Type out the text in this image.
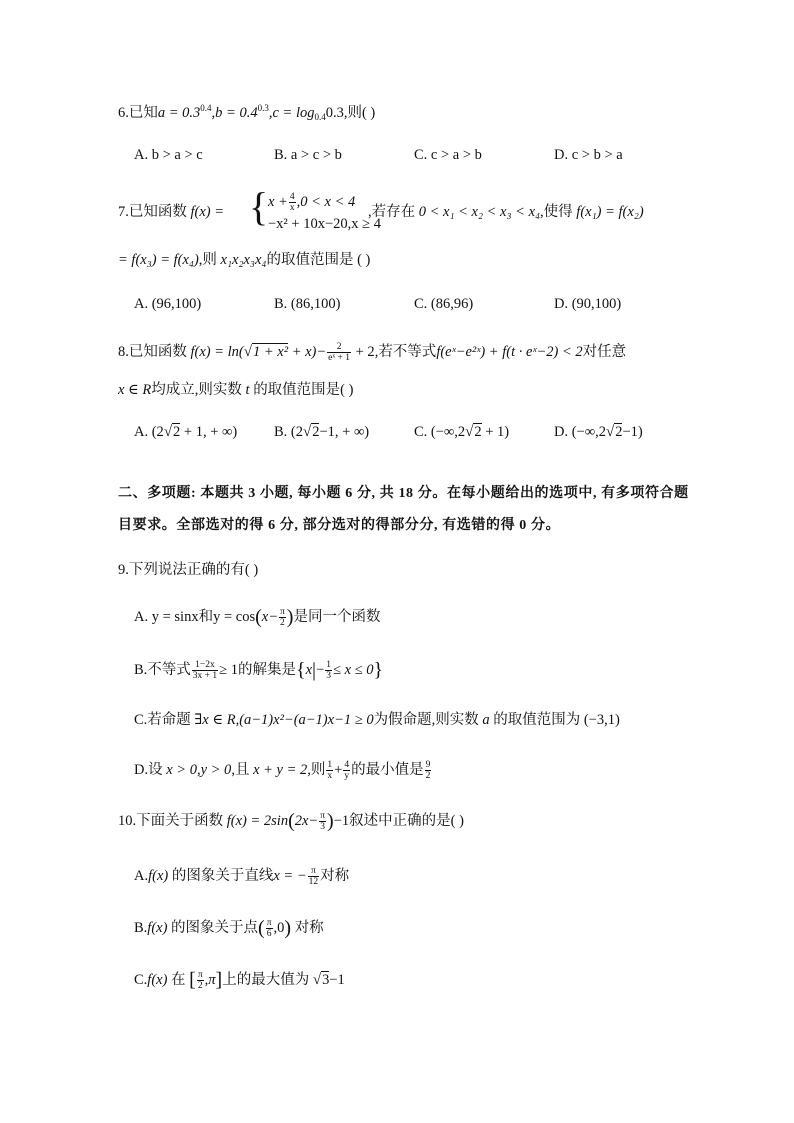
6.已知$a = 0.3^{0.4},b = 0.4^{0.3},c = \log_{0.4}0.3$,则( )
A. b > a > c	B. a > c > b	C. c > a > b	D. c > b > a
7.已知函数 f(x) = { $x + \frac{4}{x} ,0 < x < 4$
−x² + 10x−20,x ≥ 4
,若存在 0 < x₁ < x₂ < x₃ < x₄,使得 f(x₁) = f(x₂)
= f(x₃) = f(x₄),则 x₁x₂x₃x₄的取值范围是 ( )
A. (96,100)	B. (86,100)	C. (86,96)	D. (90,100)
8.已知函数 $f(x) = \ln(√1 + x^2 + x)- \frac{2}{\text{eˣ + 1}} + 2$,若不等式f(eˣ−e²ˣ) + f(t · eˣ−2) < 2对任意
x ∈ R均成立,则实数 t 的取值范围是( )
A. (2√2 + 1, + ∞)	B. (2√2−1, + ∞)	C. (−∞,2√2 + 1)	D. (−∞,2√2−1)
二、多项题: 本题共 3 小题, 每小题 6 分, 共 18 分。在每小题给出的选项中, 有多项符合题
目要求。全部选对的得 6 分, 部分选对的得部分分, 有选错的得 0 分。
9.下列说法正确的有( )
A. y = sinx和$y = \cos(x- \frac{\pi}{2}$ )是同一个函数
B.不等式 $\frac{1-2x}{3x + 1} \ge 1$的解集是$\{x|- \frac{1}{3} \le x \le 0\}$
C.若命题 ∃x ∈ R,(a−1)x²−(a−1)x−1 ≥ 0为假命题,则实数 a 的取值范围为 (−3,1)
D.设 x > 0,y > 0,且 x + y = 2,则 $\frac{1}{x} + \frac{4}{y}$ 的最小值是 $\frac{9}{2}$
10.下面关于函数 $f(x) = 2\sin(2x- \frac{\pi}{3} )-1$叙述中正确的是( )
A.f(x) 的图象关于直线x = − $\frac{\pi}{12}$ 对称
B.f(x) 的图象关于点( $\frac{\pi}{6} ,0$) 对称
C.f(x) 在 [ $\frac{\pi}{2} ,\pi$]上的最大值为 √3−1
